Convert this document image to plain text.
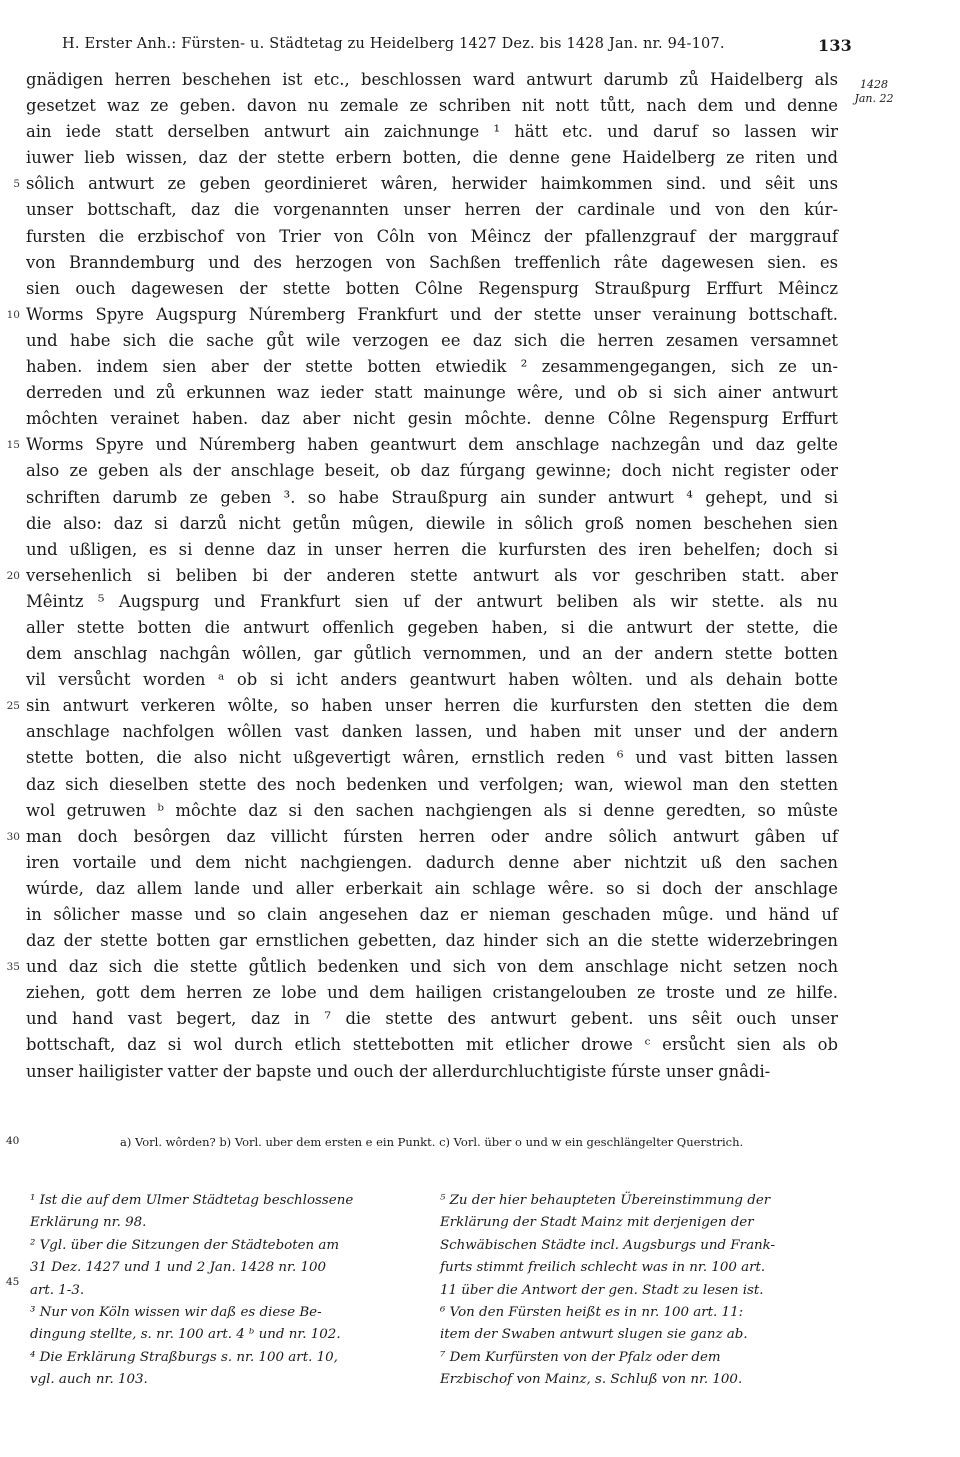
H. Erster Anh.: Fürsten- u. Städtetag zu Heidelberg 1427 Dez. bis 1428 Jan. nr. 94-107.	133
1428
Jan. 22
gnädigen herren beschehen ist etc., beschlossen ward antwurt darumb zů Haidelberg als
gesetzet waz ze geben. davon nu zemale ze schriben nit nott tůtt, nach dem und denne
ain iede statt derselben antwurt ain zaichnunge ¹ hätt etc. und daruf so lassen wir
iuwer lieb wissen, daz der stette erbern botten, die denne gene Haidelberg ze riten und
5 sôlich antwurt ze geben geordinieret wâren, herwider haimkommen sind. und sêit uns
unser bottschaft, daz die vorgenannten unser herren der cardinale und von den kúr-
fursten die erzbischof von Trier von Côln von Mêincz der pfallenzgrauf der marggrauf
von Branndemburg und des herzogen von Sachßen treffenlich râte dagewesen sien. es
sien ouch dagewesen der stette botten Côlne Regenspurg Straußpurg Erffurt Mêincz
10 Worms Spyre Augspurg Núremberg Frankfurt und der stette unser verainung bottschaft.
und habe sich die sache gůt wile verzogen ee daz sich die herren zesamen versamnet
haben. indem sien aber der stette botten etwiedik ² zesammengegangen, sich ze un-
derreden und zů erkunnen waz ieder statt mainunge wêre, und ob si sich ainer antwurt
môchten verainet haben. daz aber nicht gesin môchte. denne Côlne Regenspurg Erffurt
15 Worms Spyre und Núremberg haben geantwurt dem anschlage nachzegân und daz gelte
also ze geben als der anschlage beseit, ob daz fúrgang gewinne; doch nicht register oder
schriften darumb ze geben ³. so habe Straußpurg ain sunder antwurt ⁴ gehept, und si
die also: daz si darzů nicht getůn mûgen, diewile in sôlich groß nomen beschehen sien
und ußligen, es si denne daz in unser herren die kurfursten des iren behelfen; doch si
20 versehenlich si beliben bi der anderen stette antwurt als vor geschriben statt. aber
Mêintz ⁵ Augspurg und Frankfurt sien uf der antwurt beliben als wir stette. als nu
aller stette botten die antwurt offenlich gegeben haben, si die antwurt der stette, die
dem anschlag nachgân wôllen, gar gůtlich vernommen, und an der andern stette botten
vil versůcht worden ᵃ ob si icht anders geantwurt haben wôlten. und als dehain botte
25 sin antwurt verkeren wôlte, so haben unser herren die kurfursten den stetten die dem
anschlage nachfolgen wôllen vast danken lassen, und haben mit unser und der andern
stette botten, die also nicht ußgevertigt wâren, ernstlich reden ⁶ und vast bitten lassen
daz sich dieselben stette des noch bedenken und verfolgen; wan, wiewol man den stetten
wol getruwen ᵇ môchte daz si den sachen nachgiengen als si denne geredten, so mûste
30 man doch besôrgen daz villicht fúrsten herren oder andre sôlich antwurt gâben uf
iren vortaile und dem nicht nachgiengen. dadurch denne aber nichtzit uß den sachen
wúrde, daz allem lande und aller erberkait ain schlage wêre. so si doch der anschlage
in sôlicher masse und so clain angesehen daz er nieman geschaden mûge. und händ uf
daz der stette botten gar ernstlichen gebetten, daz hinder sich an die stette widerzebringen
35 und daz sich die stette gůtlich bedenken und sich von dem anschlage nicht setzen noch
ziehen, gott dem herren ze lobe und dem hailigen cristangelouben ze troste und ze hilfe.
und hand vast begert, daz in ⁷ die stette des antwurt gebent. uns sêit ouch unser
bottschaft, daz si wol durch etlich stettebotten mit etlicher drowe ᶜ ersůcht sien als ob
unser hailigister vatter der bapste und ouch der allerdurchluchtigiste fúrste unser gnâdi-
40
45
a) Vorl. wôrden? b) Vorl. uber dem ersten e ein Punkt. c) Vorl. über o und w ein geschlängelter Querstrich.
¹ Ist die auf dem Ulmer Städtetag beschlossene
Erklärung nr. 98.
² Vgl. über die Sitzungen der Städteboten am
31 Dez. 1427 und 1 und 2 Jan. 1428 nr. 100
art. 1-3.
³ Nur von Köln wissen wir daß es diese Be-
dingung stellte, s. nr. 100 art. 4 ᵇ und nr. 102.
⁴ Die Erklärung Straßburgs s. nr. 100 art. 10,
vgl. auch nr. 103.
⁵ Zu der hier behaupteten Übereinstimmung der
Erklärung der Stadt Mainz mit derjenigen der
Schwäbischen Städte incl. Augsburgs und Frank-
furts stimmt freilich schlecht was in nr. 100 art.
11 über die Antwort der gen. Stadt zu lesen ist.
⁶ Von den Fürsten heißt es in nr. 100 art. 11:
item der Swaben antwurt slugen sie ganz ab.
⁷ Dem Kurfürsten von der Pfalz oder dem
Erzbischof von Mainz, s. Schluß von nr. 100.
